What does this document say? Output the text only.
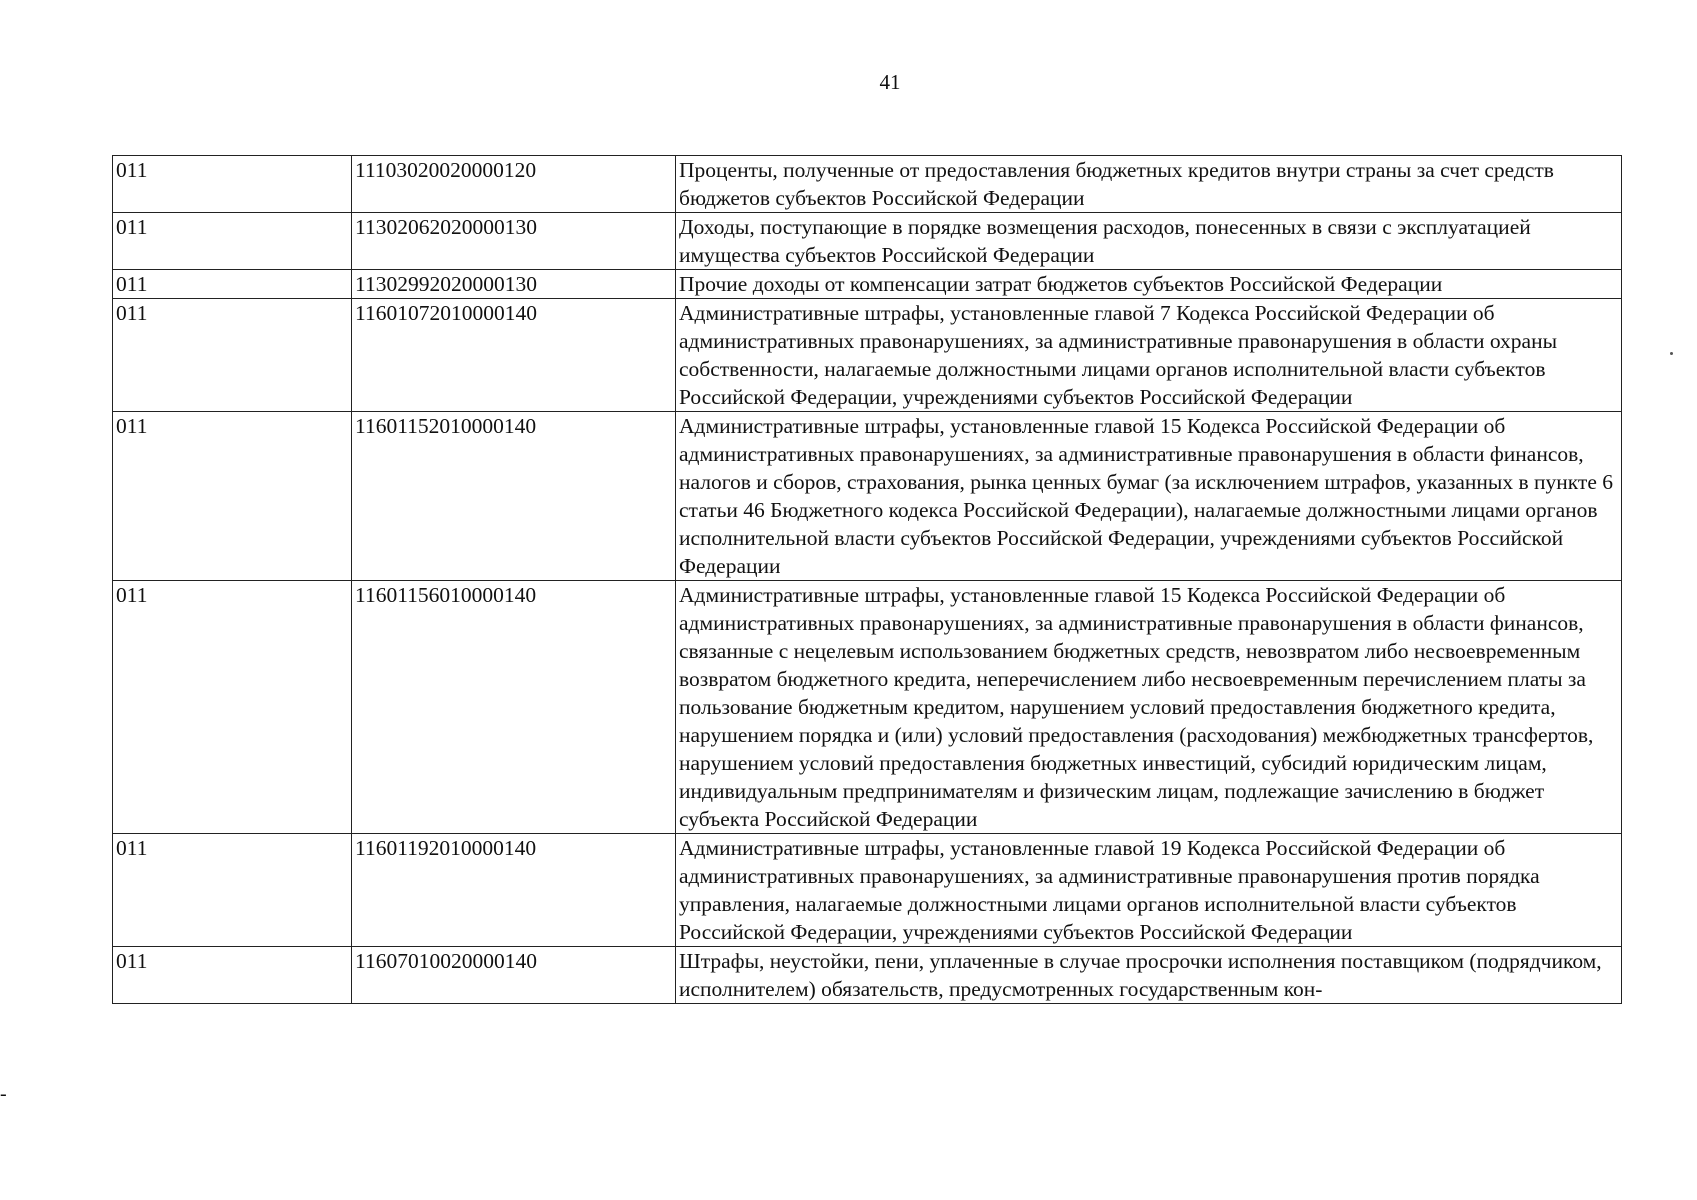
41
011	11103020020000120	Проценты, полученные от предоставления бюджетных кредитов внутри страны за счет средств бюджетов субъектов Российской Федерации
011	11302062020000130	Доходы, поступающие в порядке возмещения расходов, понесенных в связи с эксплуатацией имущества субъектов Российской Федерации
011	11302992020000130	Прочие доходы от компенсации затрат бюджетов субъектов Российской Федерации
011	11601072010000140	Административные штрафы, установленные главой 7 Кодекса Российской Федерации об административных правонарушениях, за административные правонарушения в области охраны собственности, налагаемые должностными лицами органов исполнительной власти субъектов Российской Федерации, учреждениями субъектов Российской Федерации
011	11601152010000140	Административные штрафы, установленные главой 15 Кодекса Российской Федерации об административных правонарушениях, за административные правонарушения в области финансов, налогов и сборов, страхования, рынка ценных бумаг (за исключением штрафов, указанных в пункте 6 статьи 46 Бюджетного кодекса Российской Федерации), налагаемые должностными лицами органов исполнительной власти субъектов Российской Федерации, учреждениями субъектов Российской Федерации
011	11601156010000140	Административные штрафы, установленные главой 15 Кодекса Российской Федерации об административных правонарушениях, за административные правонарушения в области финансов, связанные с нецелевым использованием бюджетных средств, невозвратом либо несвоевременным возвратом бюджетного кредита, неперечислением либо несвоевременным перечислением платы за пользование бюджетным кредитом, нарушением условий предоставления бюджетного кредита, нарушением порядка и (или) условий предоставления (расходования) межбюджетных трансфертов, нарушением условий предоставления бюджетных инвестиций, субсидий юридическим лицам, индивидуальным предпринимателям и физическим лицам, подлежащие зачислению в бюджет субъекта Российской Федерации
011	11601192010000140	Административные штрафы, установленные главой 19 Кодекса Российской Федерации об административных правонарушениях, за административные правонарушения против порядка управления, налагаемые должностными лицами органов исполнительной власти субъектов Российской Федерации, учреждениями субъектов Российской Федерации
011	11607010020000140	Штрафы, неустойки, пени, уплаченные в случае просрочки исполнения поставщиком (подрядчиком, исполнителем) обязательств, предусмотренных государственным кон-
-
